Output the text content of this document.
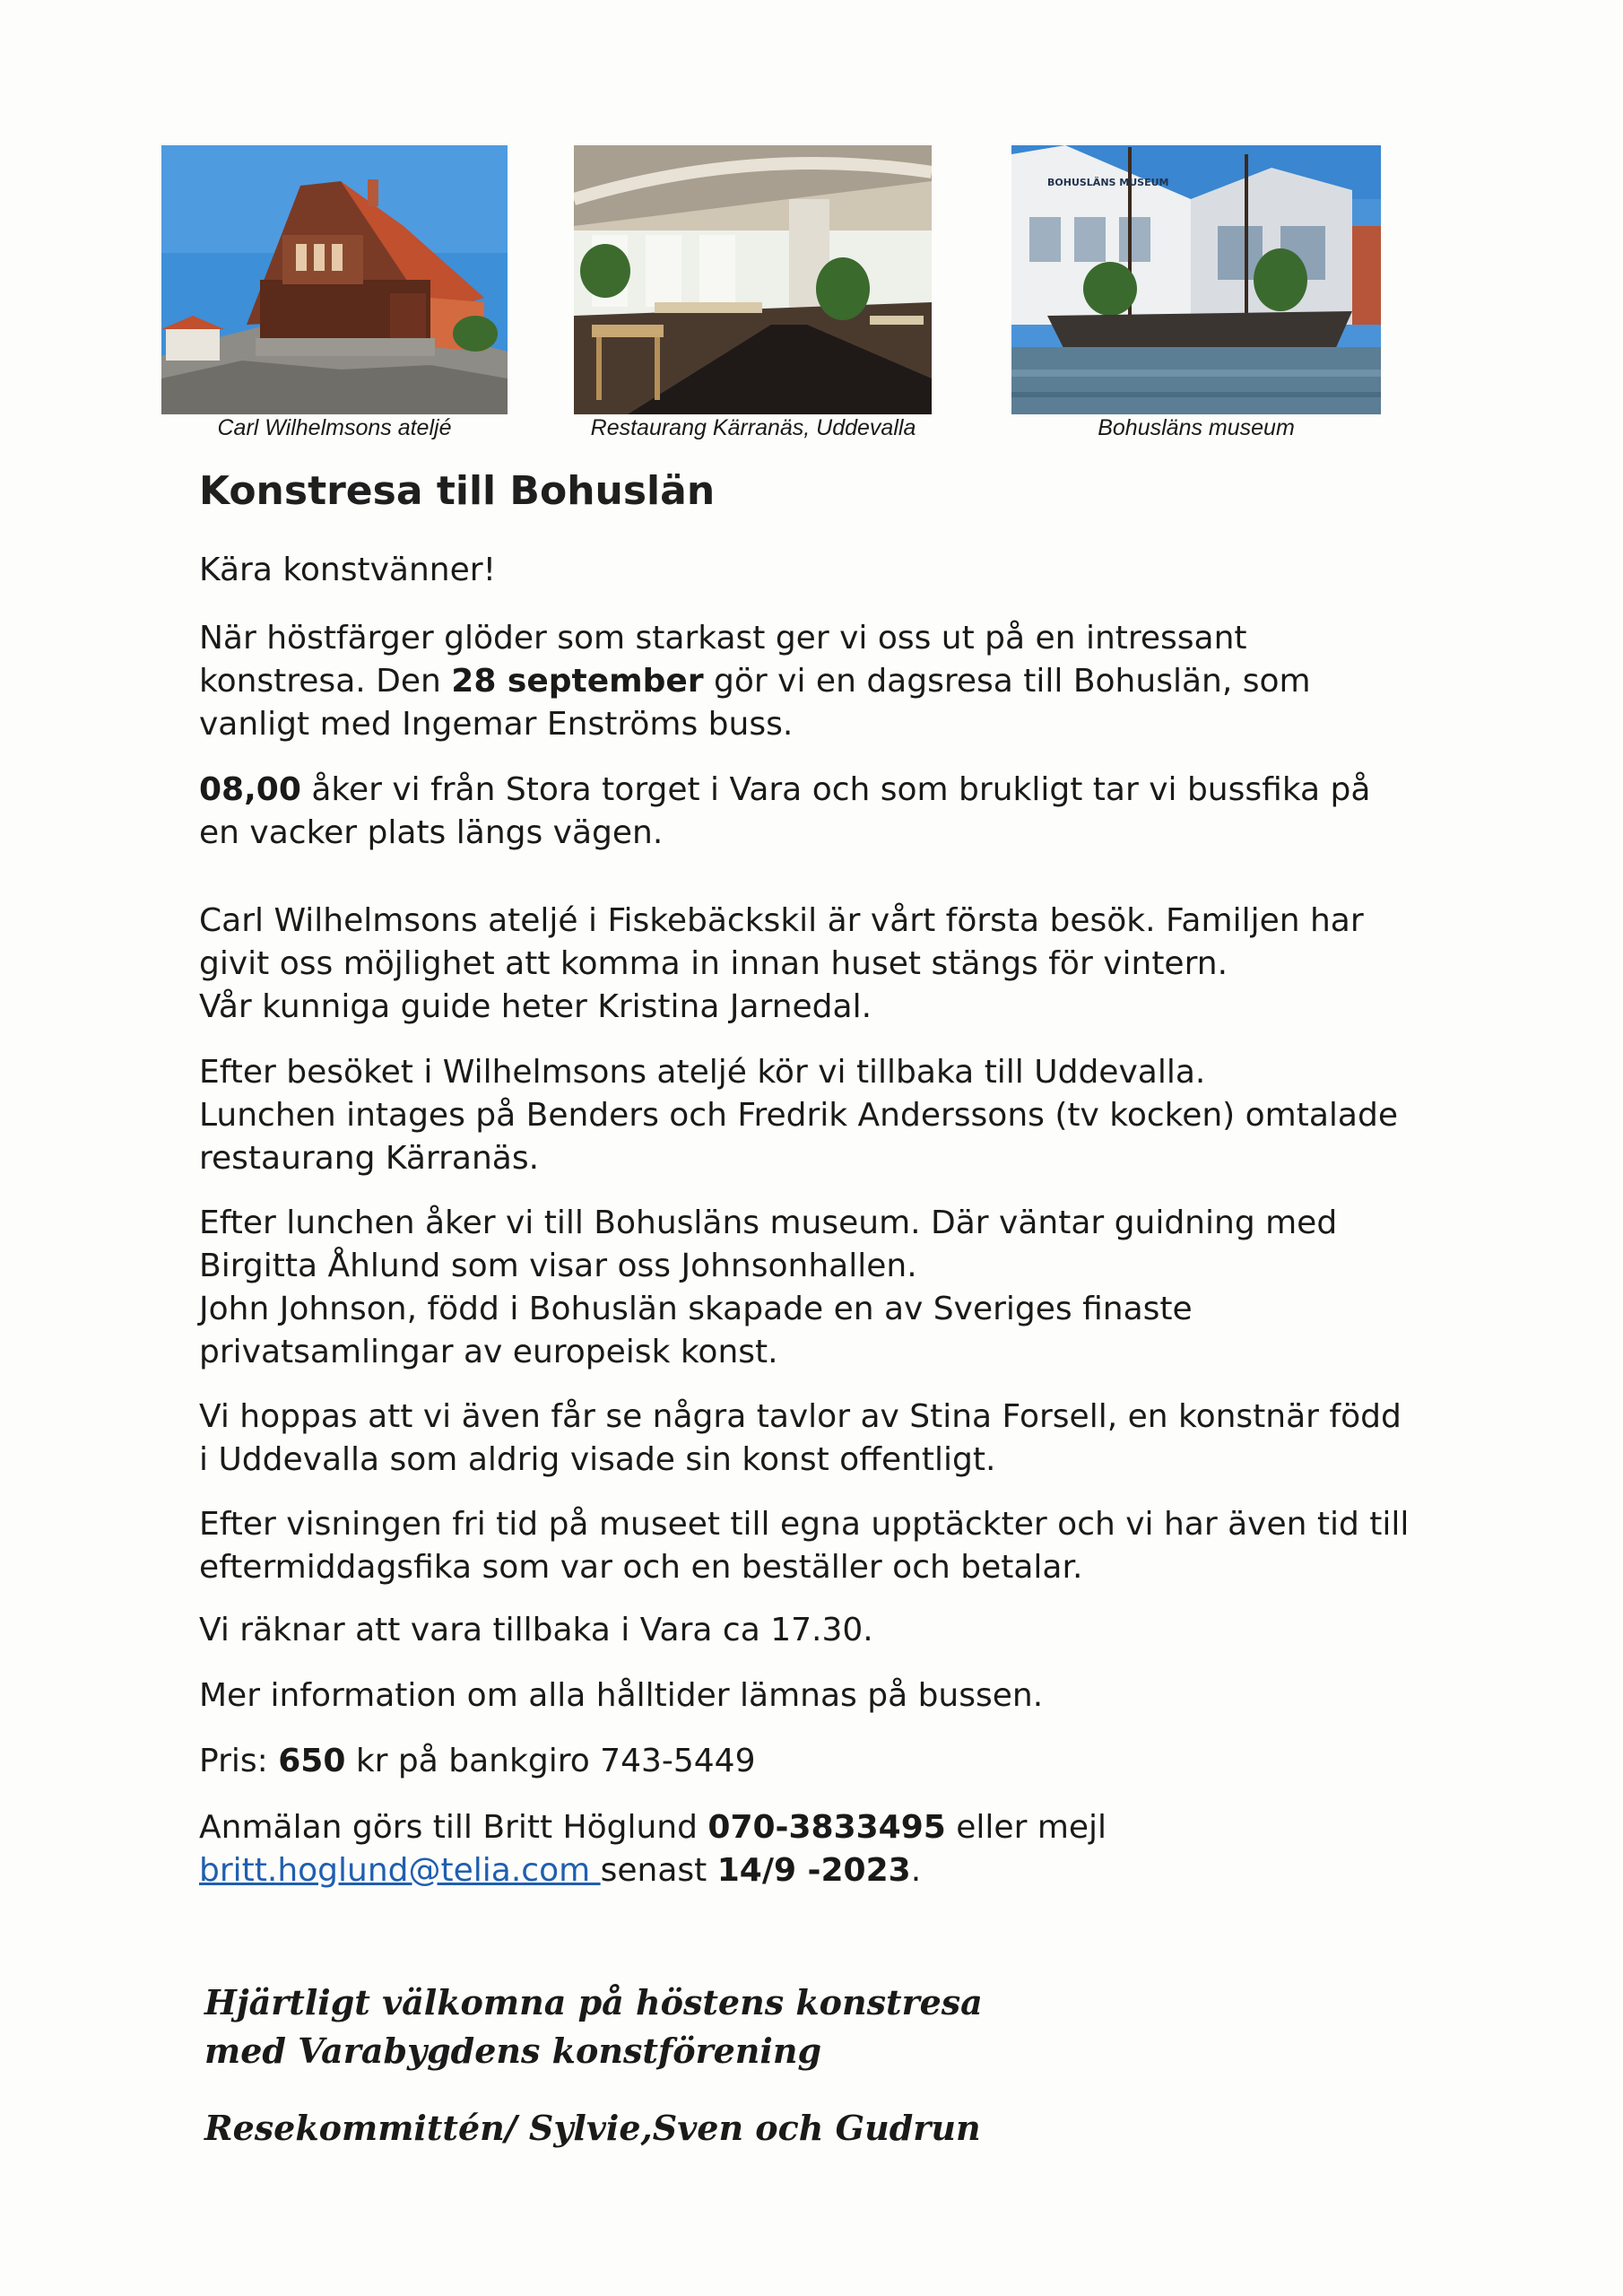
BOHUSLÄNS MUSEUM
Carl Wilhelmsons ateljé	Restaurang Kärranäs, Uddevalla	Bohusläns museum
Konstresa till Bohuslän

Kära konstvänner!

När höstfärger glöder som starkast ger vi oss ut på en intressant
konstresa. Den 28 september gör vi en dagsresa till Bohuslän, som
vanligt med Ingemar Enströms buss.

08,00 åker vi från Stora torget i Vara och som brukligt tar vi bussfika på
en vacker plats längs vägen.

Carl Wilhelmsons ateljé i Fiskebäckskil är vårt första besök. Familjen har
givit oss möjlighet att komma in innan huset stängs för vintern.
Vår kunniga guide heter Kristina Jarnedal.

Efter besöket i Wilhelmsons ateljé kör vi tillbaka till Uddevalla.
Lunchen intages på Benders och Fredrik Anderssons (tv kocken) omtalade
restaurang Kärranäs.

Efter lunchen åker vi till Bohusläns museum. Där väntar guidning med
Birgitta Åhlund som visar oss Johnsonhallen.
John Johnson, född i Bohuslän skapade en av Sveriges finaste
privatsamlingar av europeisk konst.

Vi hoppas att vi även får se några tavlor av Stina Forsell, en konstnär född
i Uddevalla som aldrig visade sin konst offentligt.

Efter visningen fri tid på museet till egna upptäckter och vi har även tid till
eftermiddagsfika som var och en beställer och betalar.

Vi räknar att vara tillbaka i Vara ca 17.30.

Mer information om alla hålltider lämnas på bussen.

Pris: 650 kr på bankgiro 743-5449

Anmälan görs till Britt Höglund 070-3833495 eller mejl
britt.hoglund@telia.com senast 14/9 -2023.

Hjärtligt välkomna på höstens konstresa
med Varabygdens konstförening
Resekommittén/ Sylvie,Sven och Gudrun
